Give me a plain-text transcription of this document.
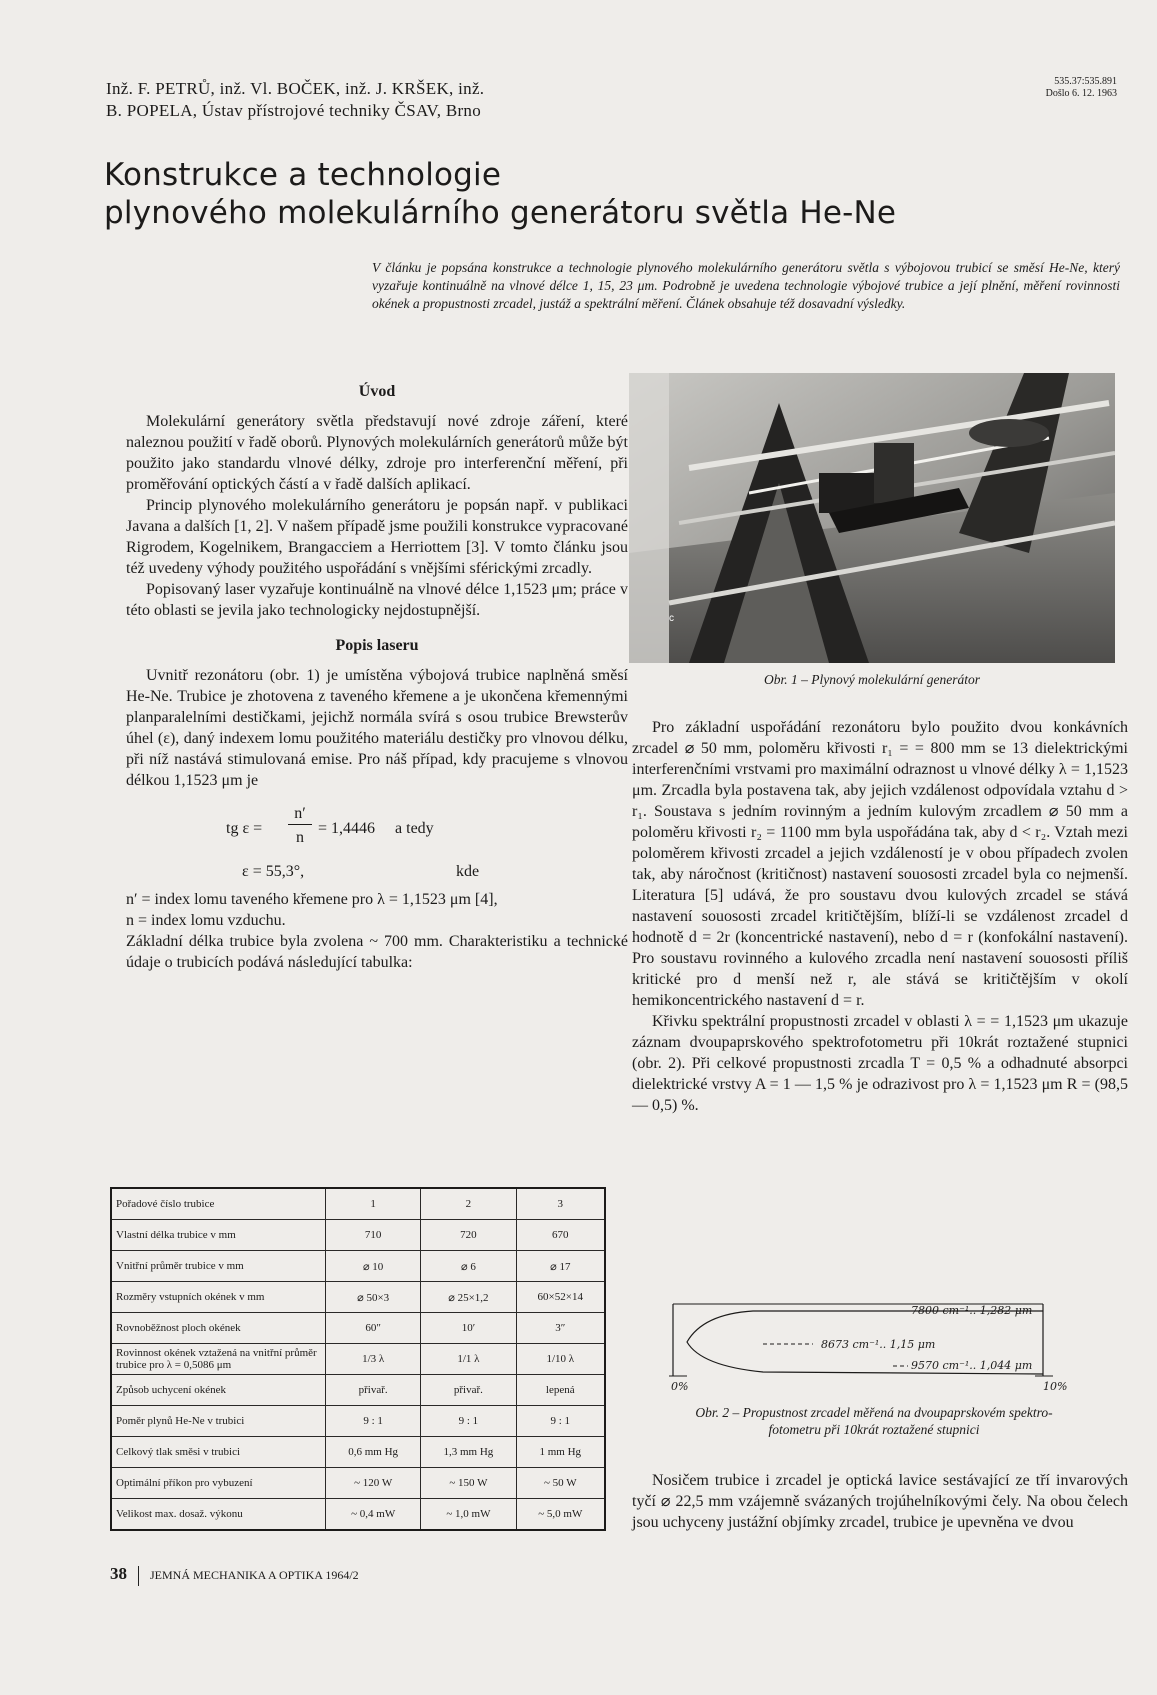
Inž. F. PETRŮ, inž. Vl. BOČEK, inž. J. KRŠEK, inž.
B. POPELA, Ústav přístrojové techniky ČSAV, Brno
535.37:535.891
Došlo 6. 12. 1963
Konstrukce a technologie
plynového molekulárního generátoru světla He-Ne
V článku je popsána konstrukce a technologie plynového molekulárního generátoru světla s výbojovou trubicí se směsí He-Ne, který vyzařuje kontinuálně na vlnové délce 1, 15, 23 μm. Podrobně je uvedena technologie výbojové trubice a její plnění, měření rovinnosti okének a propustnosti zrcadel, justáž a spektrální měření. Článek obsahuje též dosavadní výsledky.
Úvod

Molekulární generátory světla představují nové zdroje záření, které naleznou použití v řadě oborů. Plynových molekulárních generátorů může být použito jako standardu vlnové délky, zdroje pro interferenční měření, při proměřování optických částí a v řadě dalších aplikací.

Princip plynového molekulárního generátoru je popsán např. v publikaci Javana a dalších [1, 2]. V našem případě jsme použili konstrukce vypracované Rigrodem, Kogelnikem, Brangacciem a Herriottem [3]. V tomto článku jsou též uvedeny výhody použitého uspořádání s vnějšími sférickými zrcadly.

Popisovaný laser vyzařuje kontinuálně na vlnové délce 1,1523 μm; práce v této oblasti se jevila jako technologicky nejdostupnější.

Popis laseru

Uvnitř rezonátoru (obr. 1) je umístěna výbojová trubice naplněná směsí He-Ne. Trubice je zhotovena z taveného křemene a je ukončena křemennými planparalelními destičkami, jejichž normála svírá s osou trubice Brewsterův úhel (ε), daný indexem lomu použitého materiálu destičky pro vlnovou délku, při níž nastává stimulovaná emise. Pro náš případ, kdy pracujeme s vlnovou délkou 1,1523 μm je

tg ε =
n′
n
= 1,4446     a tedy
ε = 55,3°,	kde
n′ = index lomu taveného křemene pro λ = 1,1523 μm [4],
n = index lomu vzduchu.
Základní délka trubice byla zvolena ~ 700 mm. Charakteristiku a technické údaje o trubicích podává následující tabulka:
Pořadové číslo trubice	1	2	3
Vlastní délka trubice v mm	710	720	670
Vnitřní průměr trubice v mm	⌀ 10	⌀ 6	⌀ 17
Rozměry vstupních okének v mm	⌀ 50×3	⌀ 25×1,2	60×52×14
Rovnoběžnost ploch okének	60″	10′	3″
Rovinnost okének vztažená na vnitřní průměr trubice pro λ = 0,5086 μm	1/3 λ	1/1 λ	1/10 λ
Způsob uchycení okének	přivař.	přivař.	lepená
Poměr plynů He-Ne v trubici	9 : 1	9 : 1	9 : 1
Celkový tlak směsi v trubici	0,6 mm Hg	1,3 mm Hg	1 mm Hg
Optimální příkon pro vybuzení	~ 120 W	~ 150 W	~ 50 W
Velikost max. dosaž. výkonu	~ 0,4 mW	~ 1,0 mW	~ 5,0 mW
c
Obr. 1 – Plynový molekulární generátor

Pro základní uspořádání rezonátoru bylo použito dvou konkávních zrcadel ⌀ 50 mm, poloměru křivosti r₁ = = 800 mm se 13 dielektrickými interferenčními vrstvami pro maximální odraznost u vlnové délky λ = 1,1523 μm. Zrcadla byla postavena tak, aby jejich vzdálenost odpovídala vztahu d > r₁. Soustava s jedním rovinným a jedním kulovým zrcadlem ⌀ 50 mm a poloměru křivosti r₂ = 1100 mm byla uspořádána tak, aby d < r₂. Vztah mezi poloměrem křivosti zrcadel a jejich vzdáleností je v obou případech zvolen tak, aby náročnost (kritičnost) nastavení souososti zrcadel byla co nejmenší. Literatura [5] udává, že pro soustavu dvou kulových zrcadel se stává nastavení souososti zrcadel kritičtějším, blíží-li se vzdálenost zrcadel d hodnotě d = 2r (koncentrické nastavení), nebo d = r (konfokální nastavení). Pro soustavu rovinného a kulového zrcadla není nastavení souososti příliš kritické pro d menší než r, ale stává se kritičtějším v okolí hemikoncentrického nastavení d = r.

Křivku spektrální propustnosti zrcadel v oblasti λ = = 1,1523 μm ukazuje záznam dvoupaprskového spektrofotometru při 10krát roztažené stupnici (obr. 2). Při celkové propustnosti zrcadla T = 0,5 % a odhadnuté absorpci dielektrické vrstvy A = 1 — 1,5 % je odrazivost pro λ = 1,1523 μm R = (98,5 — 0,5) %.

7800 cm⁻¹.. 1,282 μm
8673 cm⁻¹.. 1,15 μm
9570 cm⁻¹.. 1,044 μm
0%	10%
Obr. 2 – Propustnost zrcadel měřená na dvoupaprskovém spektro-
fotometru při 10krát roztažené stupnici

Nosičem trubice i zrcadel je optická lavice sestávající ze tří invarových tyčí ⌀ 22,5 mm vzájemně svázaných trojúhelníkovými čely. Na obou čelech jsou uchyceny justážní objímky zrcadel, trubice je upevněna ve dvou

38 JEMNÁ MECHANIKA A OPTIKA 1964/2
